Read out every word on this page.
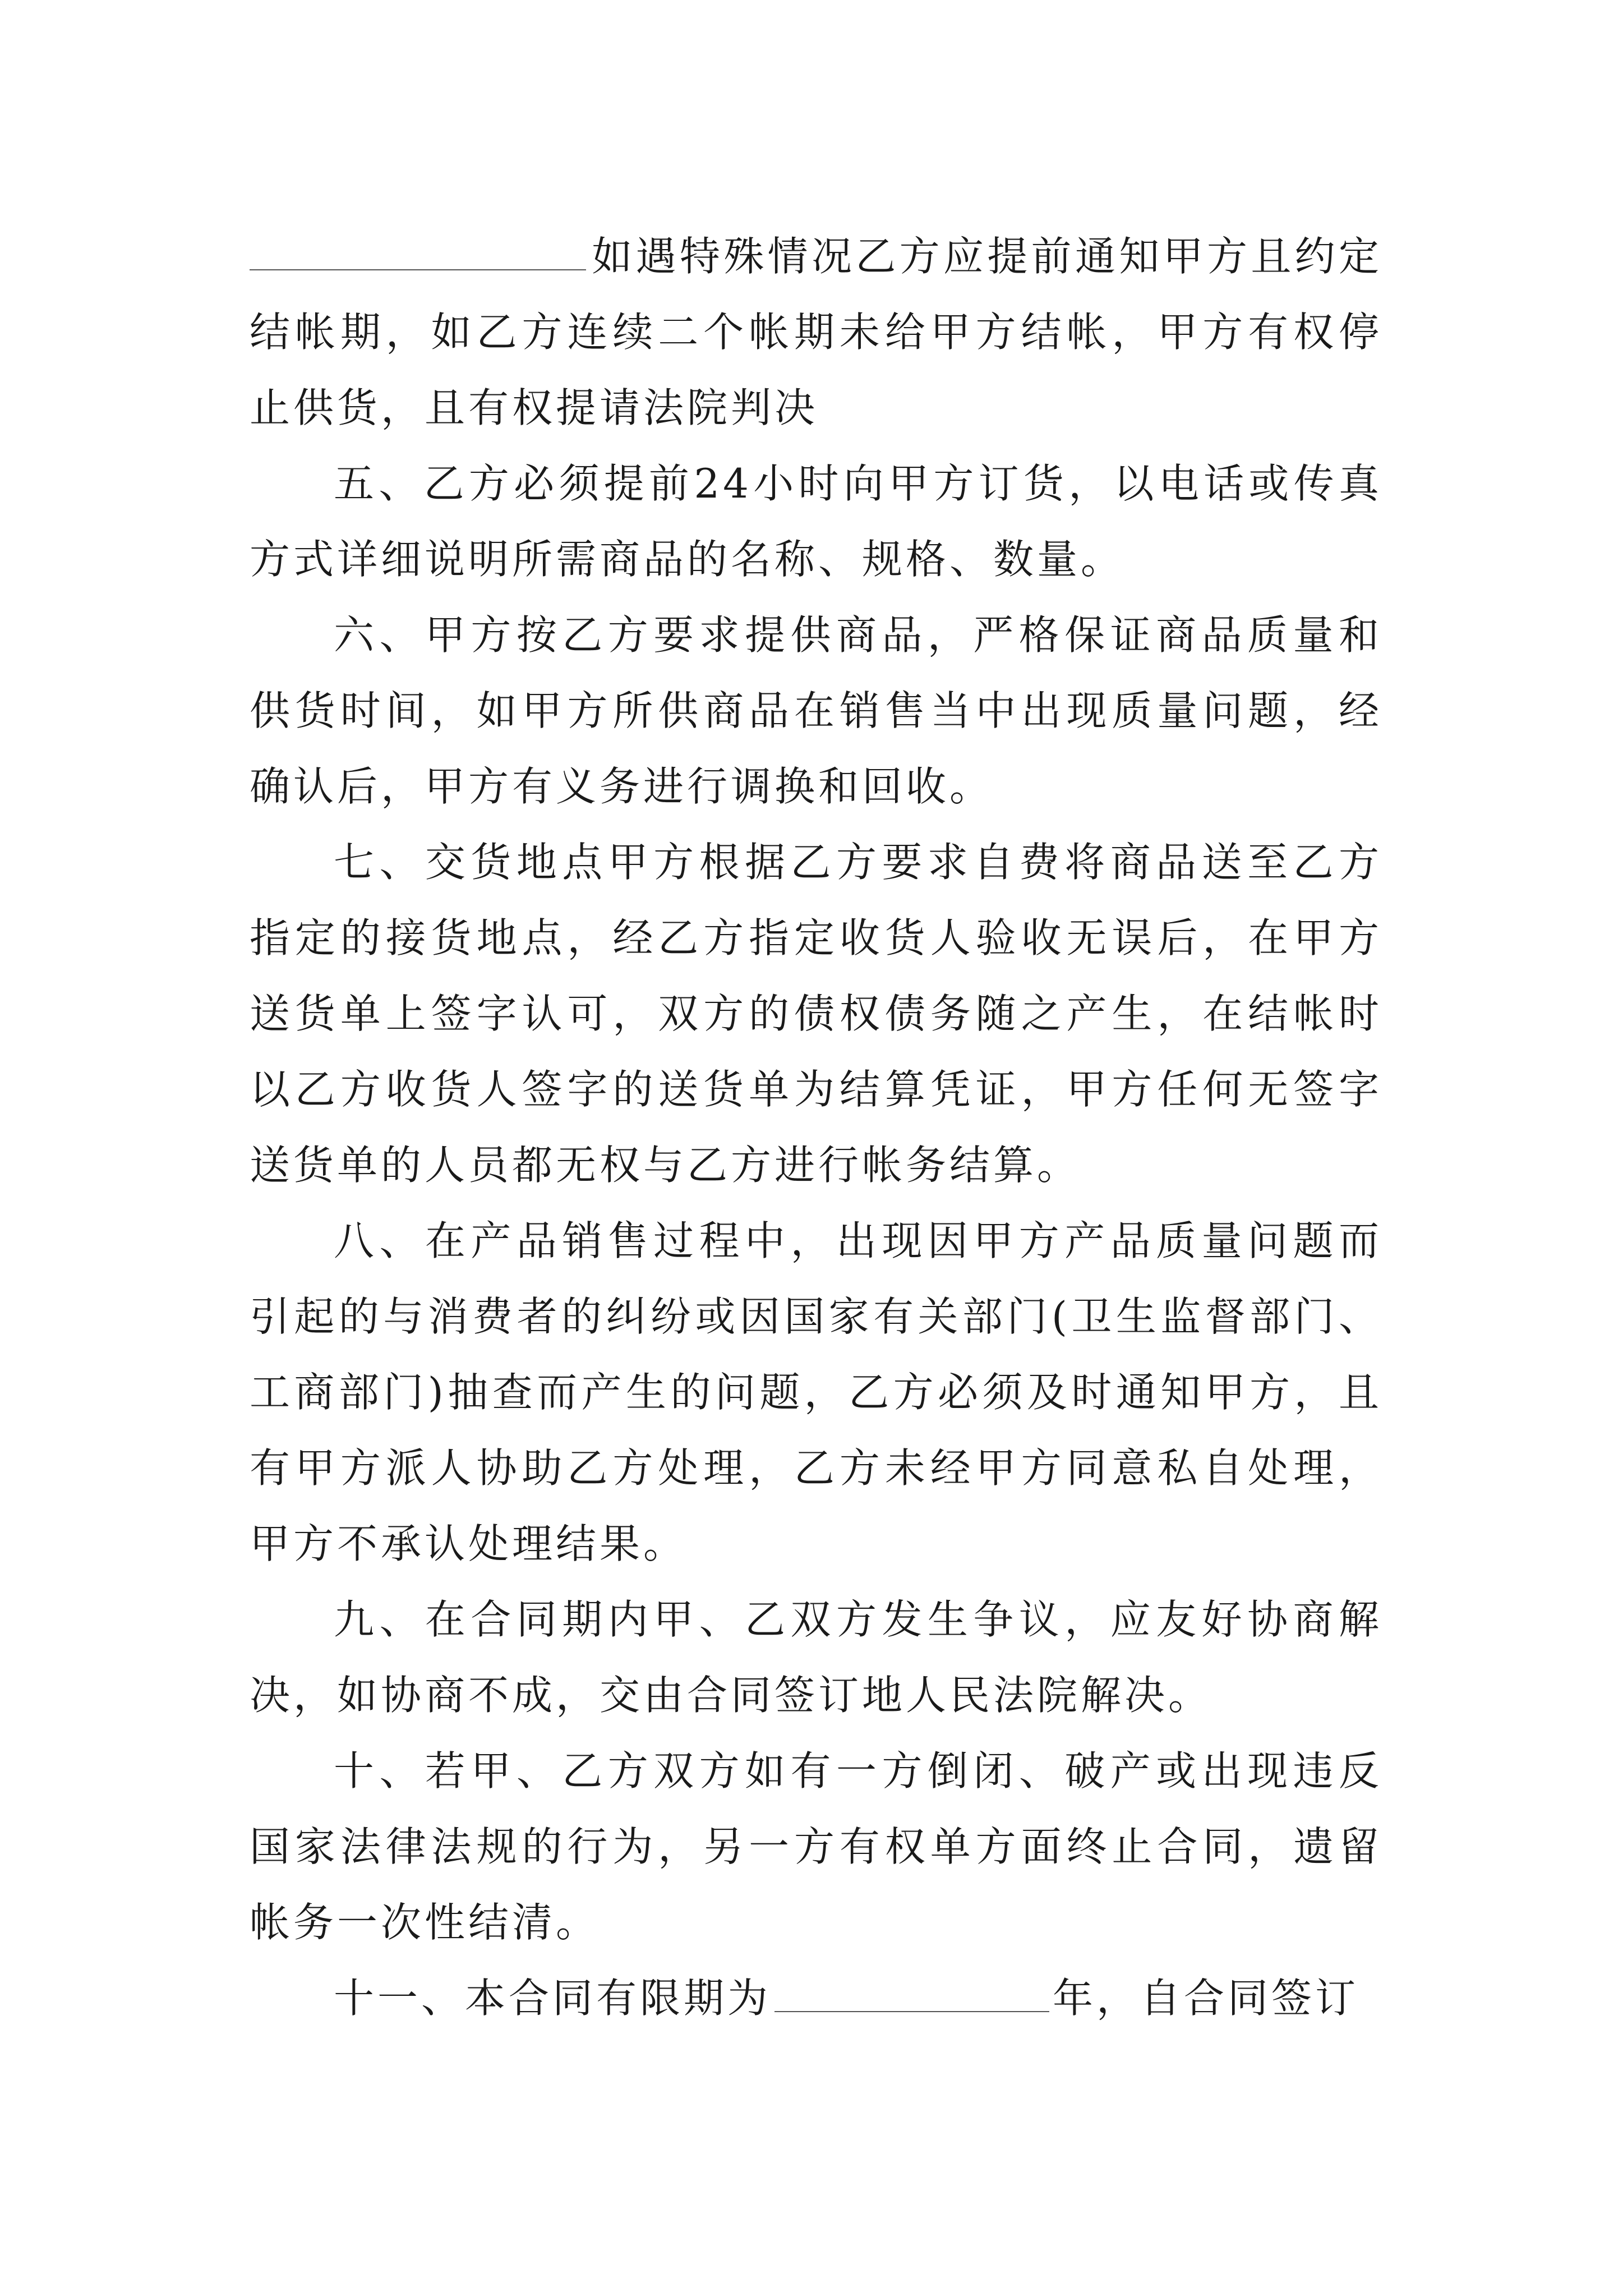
如遇特殊情况乙方应提前通知甲方且约定结帐期，如乙方连续二个帐期未给甲方结帐，甲方有权停止供货，且有权提请法院判决

五、乙方必须提前24小时向甲方订货，以电话或传真方式详细说明所需商品的名称、规格、数量。

六、甲方按乙方要求提供商品，严格保证商品质量和供货时间，如甲方所供商品在销售当中出现质量问题，经确认后，甲方有义务进行调换和回收。

七、交货地点甲方根据乙方要求自费将商品送至乙方指定的接货地点，经乙方指定收货人验收无误后，在甲方送货单上签字认可，双方的债权债务随之产生，在结帐时以乙方收货人签字的送货单为结算凭证，甲方任何无签字送货单的人员都无权与乙方进行帐务结算。

八、在产品销售过程中，出现因甲方产品质量问题而引起的与消费者的纠纷或因国家有关部门(卫生监督部门、工商部门)抽查而产生的问题，乙方必须及时通知甲方，且有甲方派人协助乙方处理，乙方未经甲方同意私自处理，甲方不承认处理结果。

九、在合同期内甲、乙双方发生争议，应友好协商解决，如协商不成，交由合同签订地人民法院解决。

十、若甲、乙方双方如有一方倒闭、破产或出现违反国家法律法规的行为，另一方有权单方面终止合同，遗留帐务一次性结清。

十一、本合同有限期为	年，自合同签订
